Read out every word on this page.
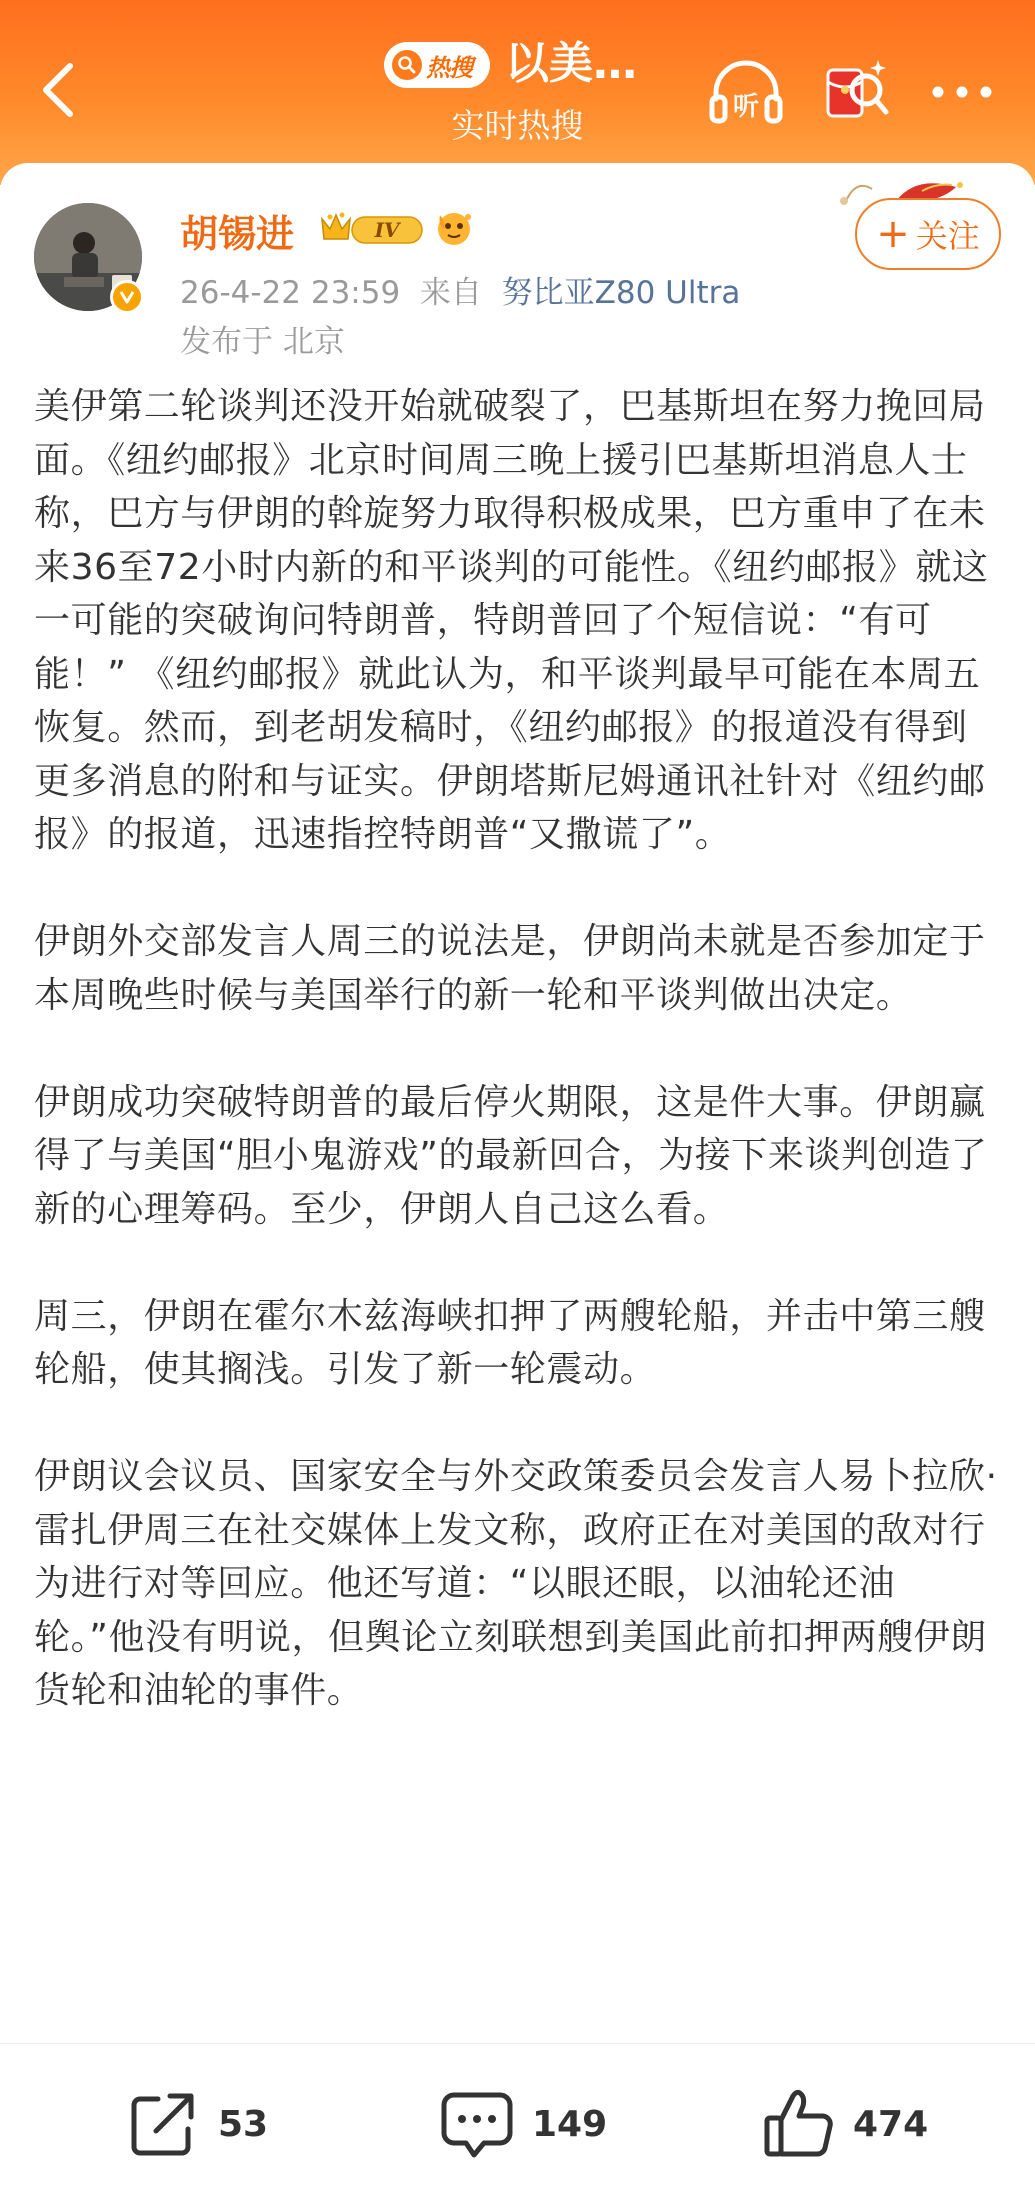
热搜 以美…
实时热搜	听
胡锡进	IV
26-4-22 23:59 来自 努比亚Z80 Ultra
发布于 北京
+ 关注

美伊第二轮谈判还没开始就破裂了，巴基斯坦在努力挽回局面。《纽约邮报》北京时间周三晚上援引巴基斯坦消息人士称，巴方与伊朗的斡旋努力取得积极成果，巴方重申了在未来36至72小时内新的和平谈判的可能性。《纽约邮报》就这一可能的突破询问特朗普，特朗普回了个短信说：“有可能！” 《纽约邮报》就此认为，和平谈判最早可能在本周五恢复。然而，到老胡发稿时，《纽约邮报》的报道没有得到更多消息的附和与证实。伊朗塔斯尼姆通讯社针对《纽约邮报》的报道，迅速指控特朗普“又撒谎了”。

伊朗外交部发言人周三的说法是，伊朗尚未就是否参加定于本周晚些时候与美国举行的新一轮和平谈判做出决定。

伊朗成功突破特朗普的最后停火期限，这是件大事。伊朗赢得了与美国“胆小鬼游戏”的最新回合，为接下来谈判创造了新的心理筹码。至少，伊朗人自己这么看。

周三，伊朗在霍尔木兹海峡扣押了两艘轮船，并击中第三艘轮船，使其搁浅。引发了新一轮震动。

伊朗议会议员、国家安全与外交政策委员会发言人易卜拉欣·雷扎伊周三在社交媒体上发文称，政府正在对美国的敌对行为进行对等回应。他还写道：“以眼还眼，以油轮还油轮。”他没有明说，但舆论立刻联想到美国此前扣押两艘伊朗货轮和油轮的事件。

53	149	474
